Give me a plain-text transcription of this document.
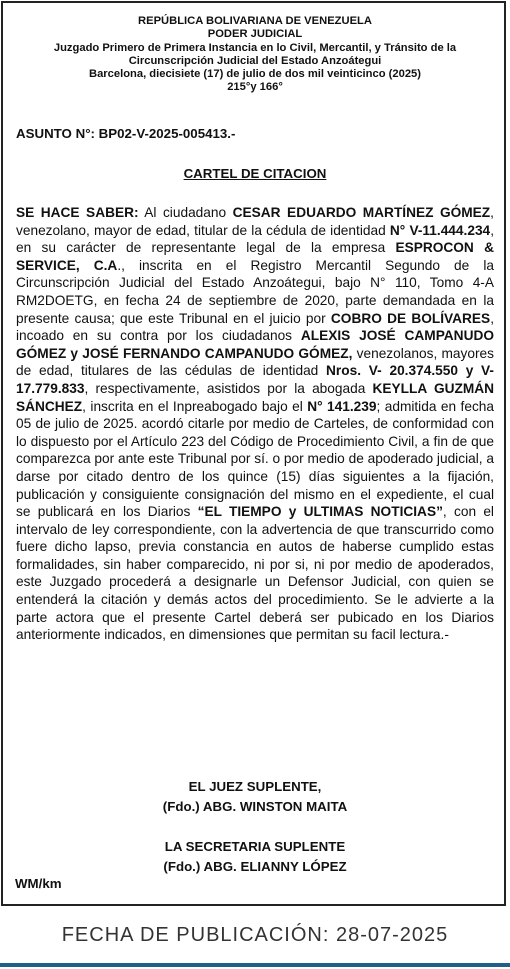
REPÚBLICA BOLIVARIANA DE VENEZUELA
PODER JUDICIAL
Juzgado Primero de Primera Instancia en lo Civil, Mercantil, y Tránsito de la
Circunscripción Judicial del Estado Anzoátegui
Barcelona, diecisiete (17) de julio de dos mil veinticinco (2025)
215°y 166°
ASUNTO N°: BP02-V-2025-005413.-
CARTEL DE CITACION
SE HACE SABER: Al ciudadano CESAR EDUARDO MARTÍNEZ GÓMEZ, venezolano, mayor de edad, titular de la cédula de identidad N° V-11.444.234, en su carácter de representante legal de la empresa ESPROCON & SERVICE, C.A., inscrita en el Registro Mercantil Segundo de la Circunscripción Judicial del Estado Anzoátegui, bajo N° 110, Tomo 4-A RM2DOETG, en fecha 24 de septiembre de 2020, parte demandada en la presente causa; que este Tribunal en el juicio por COBRO DE BOLÍVARES, incoado en su contra por los ciudadanos ALEXIS JOSÉ CAMPANUDO GÓMEZ y JOSÉ FERNANDO CAMPANUDO GÓMEZ, venezolanos, mayores de edad, titulares de las cédulas de identidad Nros. V- 20.374.550 y V-17.779.833, respectivamente, asistidos por la abogada KEYLLA GUZMÁN SÁNCHEZ, inscrita en el Inpreabogado bajo el N° 141.239; admitida en fecha 05 de julio de 2025. acordó citarle por medio de Carteles, de conformidad con lo dispuesto por el Artículo 223 del Código de Procedimiento Civil, a fin de que comparezca por ante este Tribunal por sí. o por medio de apoderado judicial, a darse por citado dentro de los quince (15) días siguientes a la fijación, publicación y consiguiente consignación del mismo en el expediente, el cual se publicará en los Diarios “EL TIEMPO y ULTIMAS NOTICIAS”, con el intervalo de ley correspondiente, con la advertencia de que transcurrido como fuere dicho lapso, previa constancia en autos de haberse cumplido estas formalidades, sin haber comparecido, ni por si, ni por medio de apoderados, este Juzgado procederá a designarle un Defensor Judicial, con quien se entenderá la citación y demás actos del procedimiento. Se le advierte a la parte actora que el presente Cartel deberá ser pubicado en los Diarios anteriormente indicados, en dimensiones que permitan su facil lectura.-
EL JUEZ SUPLENTE,
(Fdo.) ABG. WINSTON MAITA
LA SECRETARIA SUPLENTE
(Fdo.) ABG. ELIANNY LÓPEZ
WM/km
FECHA DE PUBLICACIÓN: 28-07-2025
